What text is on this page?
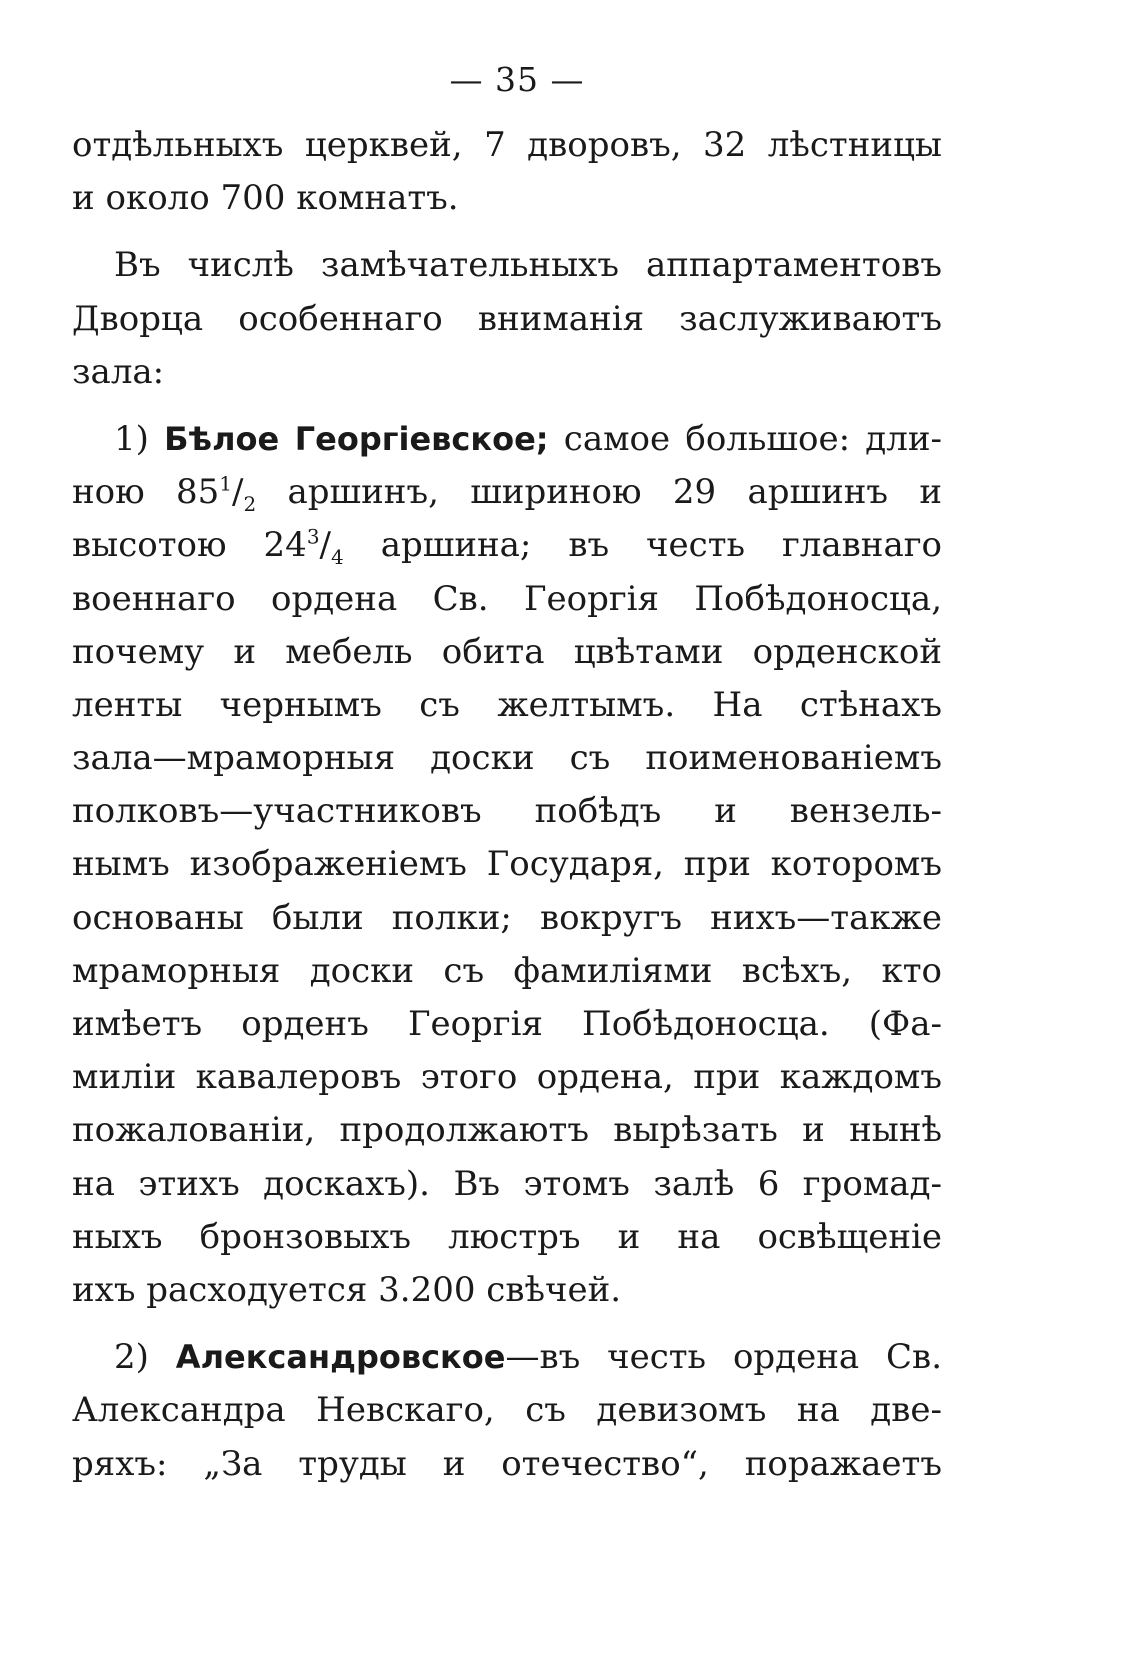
— 35 —
отдѣльныхъ церквей, 7 дворовъ, 32 лѣстницы
и около 700 комнатъ.
Въ числѣ замѣчательныхъ аппартаментовъ
Дворца особеннаго вниманія заслуживаютъ
зала:
1) Бѣлое Георгіевское; самое большое: дли-
ною $85^1/_2$ аршинъ, шириною 29 аршинъ и
высотою $24^3/_4$ аршина; въ честь главнаго
военнаго ордена Св. Георгія Побѣдоносца,
почему и мебель обита цвѣтами орденской
ленты чернымъ съ желтымъ. На стѣнахъ
зала—мраморныя доски съ поименованіемъ
полковъ—участниковъ побѣдъ и вензель-
нымъ изображеніемъ Государя, при которомъ
основаны были полки; вокругъ нихъ—также
мраморныя доски съ фамиліями всѣхъ, кто
имѣетъ орденъ Георгія Побѣдоносца. (Фа-
миліи кавалеровъ этого ордена, при каждомъ
пожалованіи, продолжаютъ вырѣзать и нынѣ
на этихъ доскахъ). Въ этомъ залѣ 6 громад-
ныхъ бронзовыхъ люстръ и на освѣщеніе
ихъ расходуется 3.200 свѣчей.
2) Александровское—въ честь ордена Св.
Александра Невскаго, съ девизомъ на две-
ряхъ: „За труды и отечество“, поражаетъ
